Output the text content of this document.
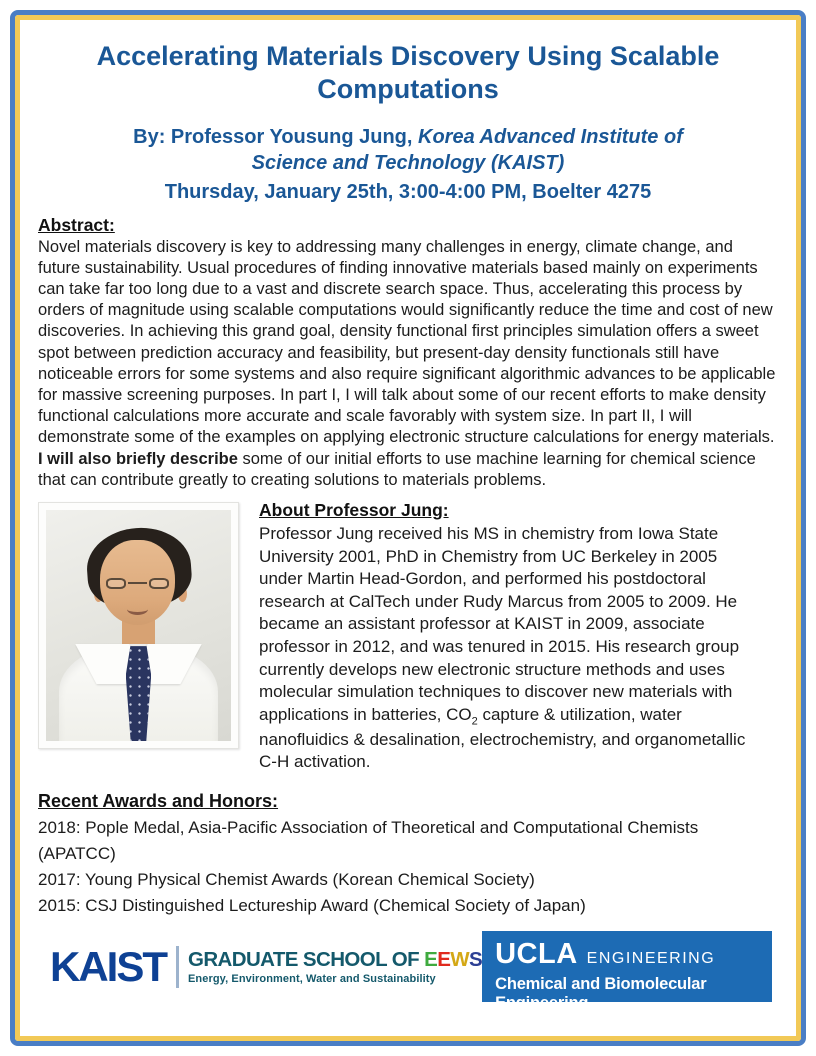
Accelerating Materials Discovery Using Scalable Computations

By: Professor Yousung Jung, Korea Advanced Institute of Science and Technology (KAIST)

Thursday, January 25th, 3:00-4:00 PM, Boelter 4275

Abstract:

Novel materials discovery is key to addressing many challenges in energy, climate change, and future sustainability. Usual procedures of finding innovative materials based mainly on experiments can take far too long due to a vast and discrete search space. Thus, accelerating this process by orders of magnitude using scalable computations would significantly reduce the time and cost of new discoveries. In achieving this grand goal, density functional first principles simulation offers a sweet spot between prediction accuracy and feasibility, but present-day density functionals still have noticeable errors for some systems and also require significant algorithmic advances to be applicable for massive screening purposes. In part I, I will talk about some of our recent efforts to make density functional calculations more accurate and scale favorably with system size. In part II, I will demonstrate some of the examples on applying electronic structure calculations for energy materials. I will also briefly describe some of our initial efforts to use machine learning for chemical science that can contribute greatly to creating solutions to materials problems.

About Professor Jung:

Professor Jung received his MS in chemistry from Iowa State University 2001, PhD in Chemistry from UC Berkeley in 2005 under Martin Head-Gordon, and performed his postdoctoral research at CalTech under Rudy Marcus from 2005 to 2009. He became an assistant professor at KAIST in 2009, associate professor in 2012, and was tenured in 2015. His research group currently develops new electronic structure methods and uses molecular simulation techniques to discover new materials with applications in batteries, $CO_2$ capture & utilization, water nanofluidics & desalination, electrochemistry, and organometallic C-H activation.

Recent Awards and Honors:

2018: Pople Medal, Asia-Pacific Association of Theoretical and Computational Chemists (APATCC)

2017: Young Physical Chemist Awards (Korean Chemical Society)

2015: CSJ Distinguished Lectureship Award (Chemical Society of Japan)

KAIST GRADUATE SCHOOL OF EEWS
Energy, Environment, Water and Sustainability
UCLA ENGINEERING
Chemical and Biomolecular Engineering
